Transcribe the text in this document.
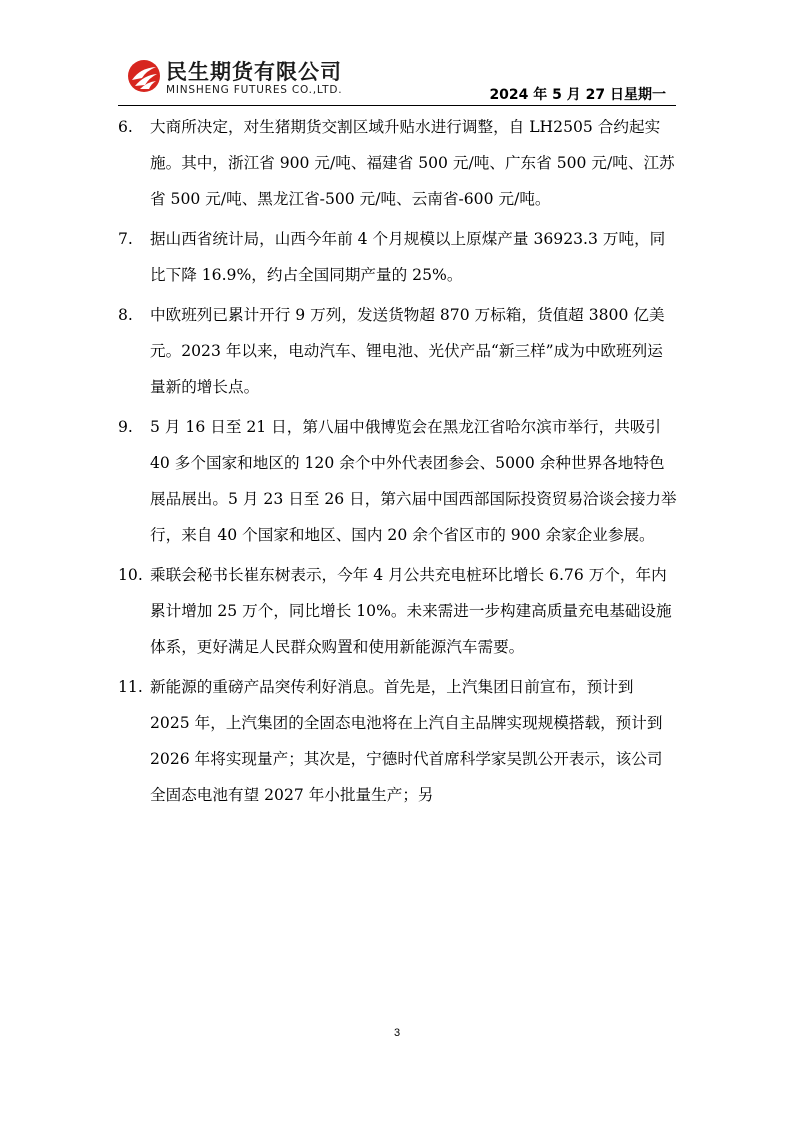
民生期货有限公司
MINSHENG FUTURES CO.,LTD.	2024 年 5 月 27 日星期一
6. 大商所决定，对生猪期货交割区域升贴水进行调整，自 LH2505 合约起实施。其中，浙江省 900 元/吨、福建省 500 元/吨、广东省 500 元/吨、江苏省 500 元/吨、黑龙江省-500 元/吨、云南省-600 元/吨。
7. 据山西省统计局，山西今年前 4 个月规模以上原煤产量 36923.3 万吨，同比下降 16.9%，约占全国同期产量的 25%。
8. 中欧班列已累计开行 9 万列，发送货物超 870 万标箱，货值超 3800 亿美元。2023 年以来，电动汽车、锂电池、光伏产品“新三样”成为中欧班列运量新的增长点。
9. 5 月 16 日至 21 日，第八届中俄博览会在黑龙江省哈尔滨市举行，共吸引 40 多个国家和地区的 120 余个中外代表团参会、5000 余种世界各地特色展品展出。5 月 23 日至 26 日，第六届中国西部国际投资贸易洽谈会接力举行，来自 40 个国家和地区、国内 20 余个省区市的 900 余家企业参展。
10. 乘联会秘书长崔东树表示，今年 4 月公共充电桩环比增长 6.76 万个，年内累计增加 25 万个，同比增长 10%。未来需进一步构建高质量充电基础设施体系，更好满足人民群众购置和使用新能源汽车需要。
11. 新能源的重磅产品突传利好消息。首先是，上汽集团日前宣布，预计到 2025 年，上汽集团的全固态电池将在上汽自主品牌实现规模搭载，预计到 2026 年将实现量产；其次是，宁德时代首席科学家吴凯公开表示，该公司全固态电池有望 2027 年小批量生产；另
3
